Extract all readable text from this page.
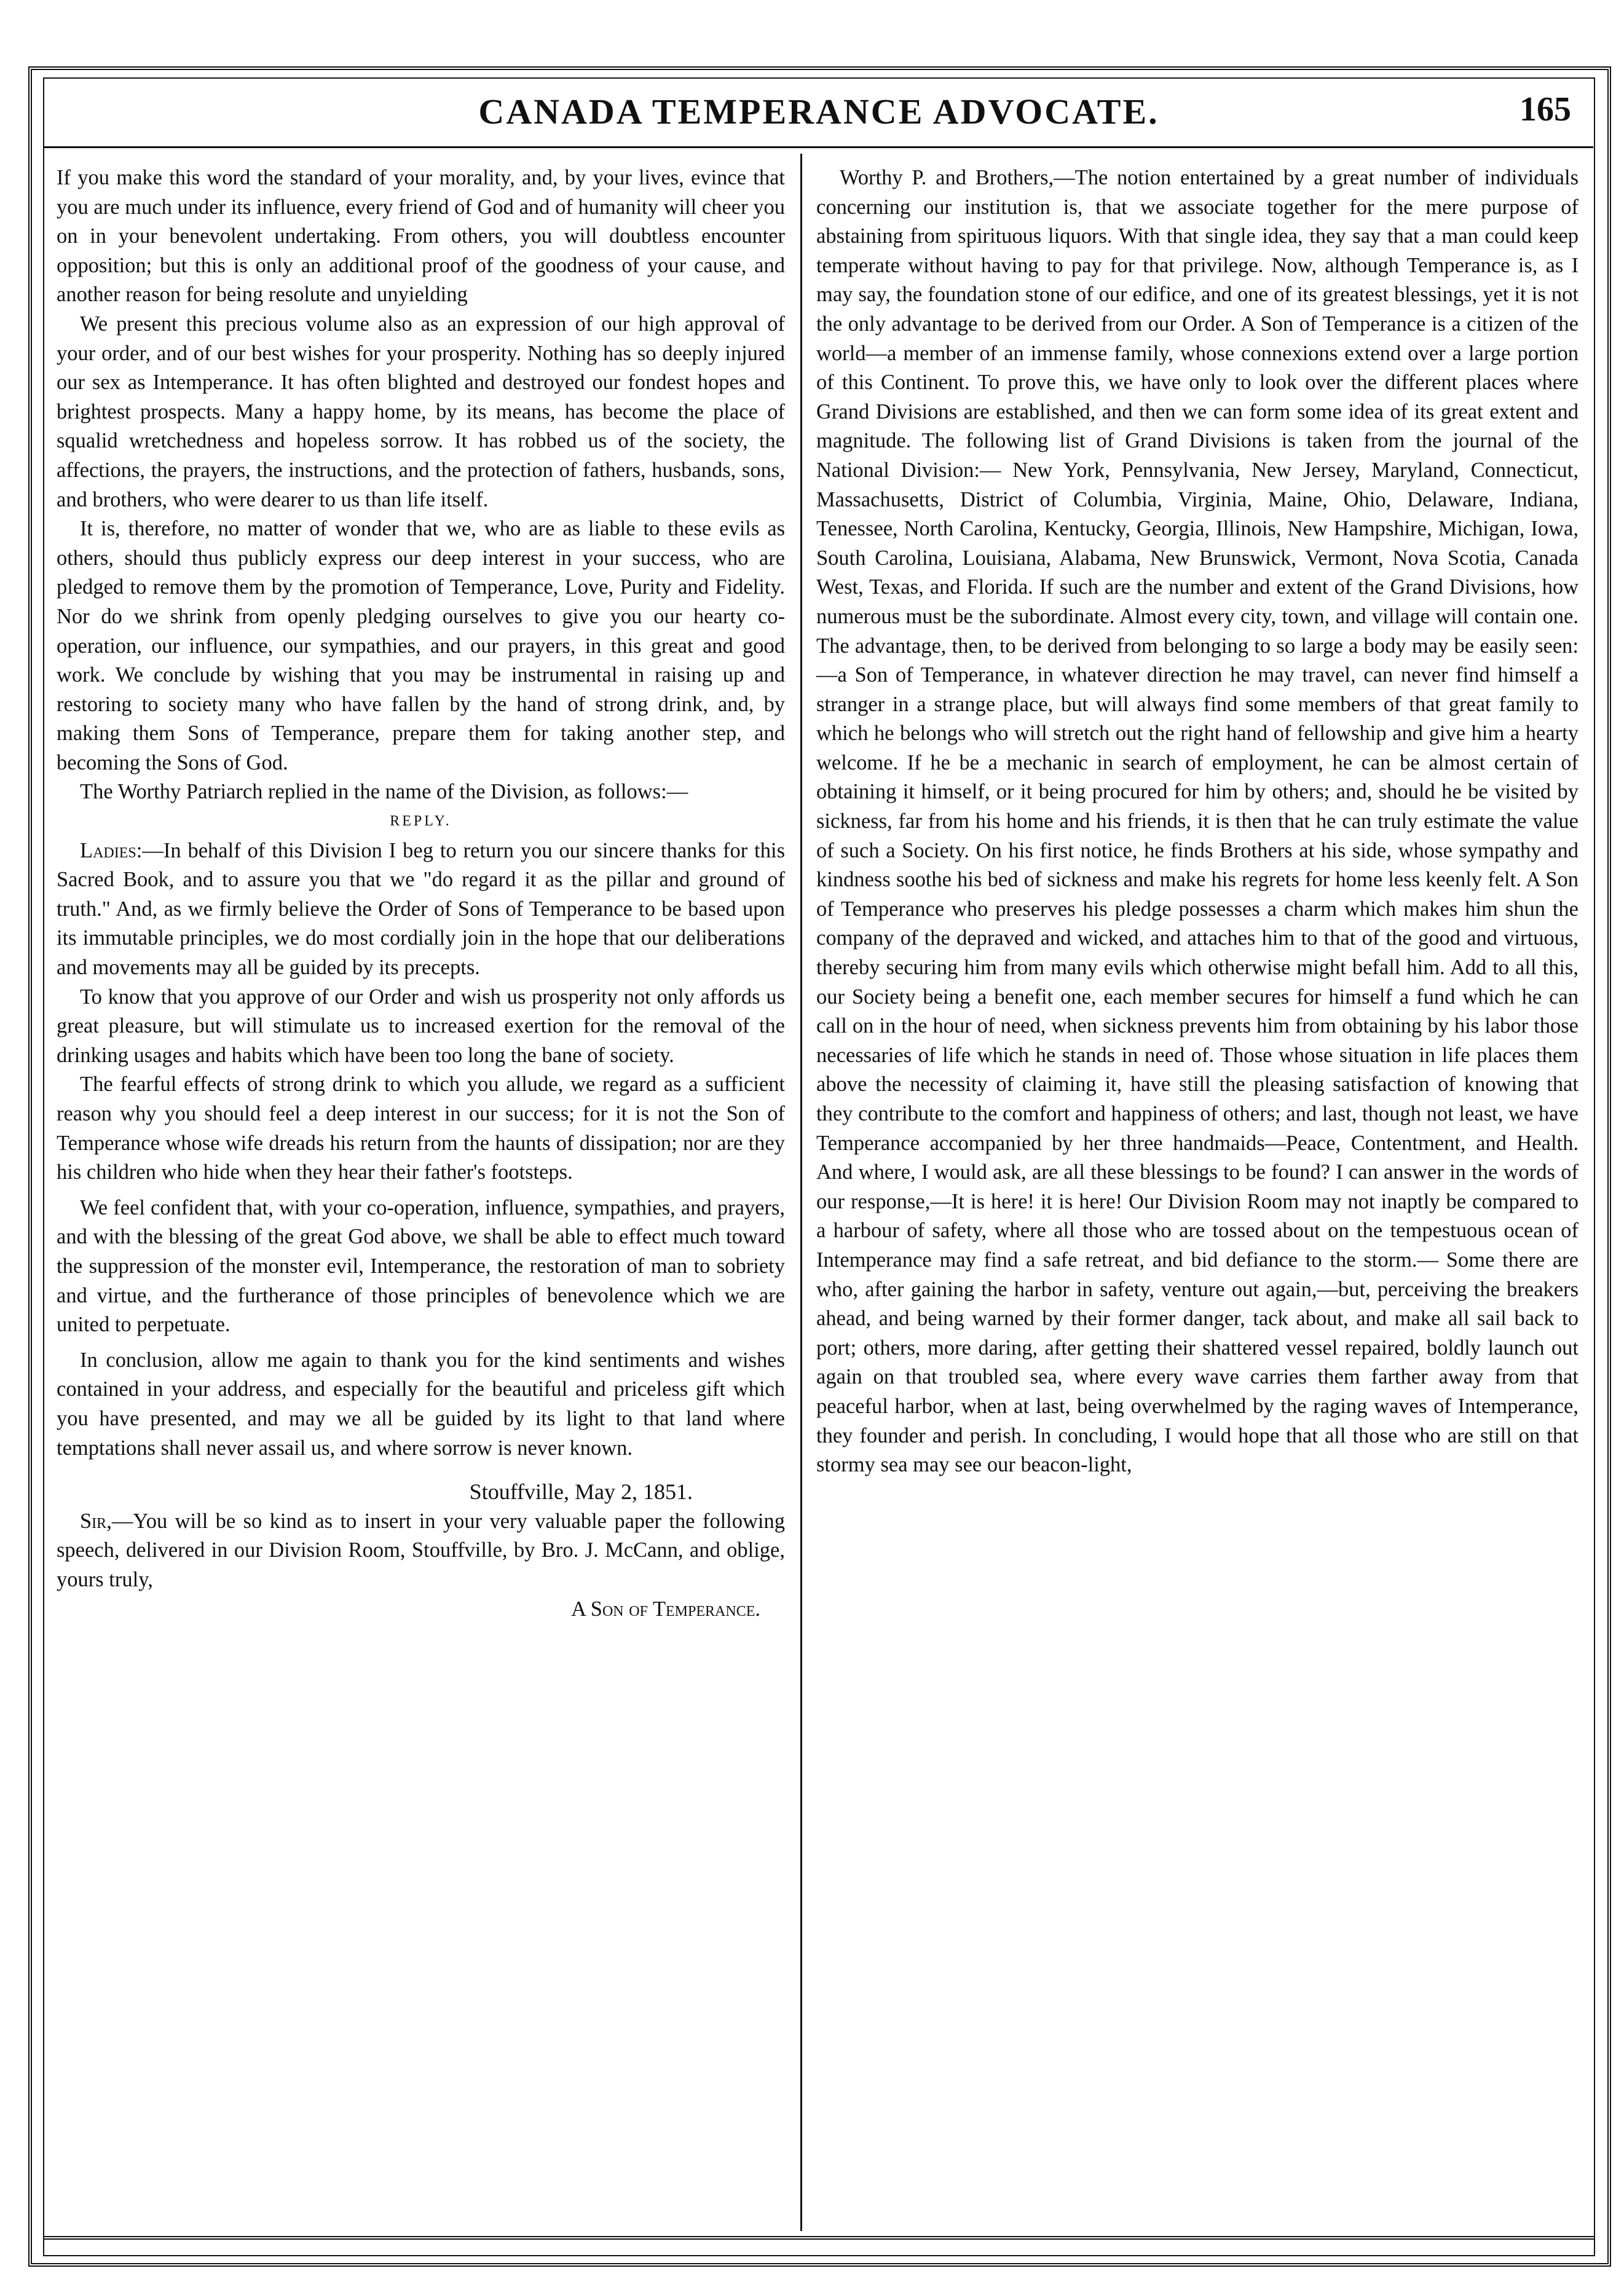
CANADA TEMPERANCE ADVOCATE.	165

If you make this word the standard of your morality, and, by your lives, evince that you are much under its influence, every friend of God and of humanity will cheer you on in your benevolent undertaking. From others, you will doubtless encounter opposition; but this is only an additional proof of the goodness of your cause, and another reason for being resolute and unyielding

We present this precious volume also as an expression of our high approval of your order, and of our best wishes for your prosperity. Nothing has so deeply injured our sex as Intemperance. It has often blighted and destroyed our fondest hopes and brightest prospects. Many a happy home, by its means, has become the place of squalid wretchedness and hopeless sorrow. It has robbed us of the society, the affections, the prayers, the instructions, and the protection of fathers, husbands, sons, and brothers, who were dearer to us than life itself.

It is, therefore, no matter of wonder that we, who are as liable to these evils as others, should thus publicly express our deep interest in your success, who are pledged to remove them by the promotion of Temperance, Love, Purity and Fidelity. Nor do we shrink from openly pledging ourselves to give you our hearty co-operation, our influence, our sympathies, and our prayers, in this great and good work. We conclude by wishing that you may be instrumental in raising up and restoring to society many who have fallen by the hand of strong drink, and, by making them Sons of Temperance, prepare them for taking another step, and becoming the Sons of God.

The Worthy Patriarch replied in the name of the Division, as follows:—

REPLY.

Ladies:—In behalf of this Division I beg to return you our sincere thanks for this Sacred Book, and to assure you that we "do regard it as the pillar and ground of truth." And, as we firmly believe the Order of Sons of Temperance to be based upon its immutable principles, we do most cordially join in the hope that our deliberations and movements may all be guided by its precepts.

To know that you approve of our Order and wish us prosperity not only affords us great pleasure, but will stimulate us to increased exertion for the removal of the drinking usages and habits which have been too long the bane of society.

The fearful effects of strong drink to which you allude, we regard as a sufficient reason why you should feel a deep interest in our success; for it is not the Son of Temperance whose wife dreads his return from the haunts of dissipation; nor are they his children who hide when they hear their father's footsteps.

We feel confident that, with your co-operation, influence, sympathies, and prayers, and with the blessing of the great God above, we shall be able to effect much toward the suppression of the monster evil, Intemperance, the restoration of man to sobriety and virtue, and the furtherance of those principles of benevolence which we are united to perpetuate.

In conclusion, allow me again to thank you for the kind sentiments and wishes contained in your address, and especially for the beautiful and priceless gift which you have presented, and may we all be guided by its light to that land where temptations shall never assail us, and where sorrow is never known.

Stouffville, May 2, 1851.

Sir,—You will be so kind as to insert in your very valuable paper the following speech, delivered in our Division Room, Stouffville, by Bro. J. McCann, and oblige, yours truly,

A Son of Temperance.

Worthy P. and Brothers,—The notion entertained by a great number of individuals concerning our institution is, that we associate together for the mere purpose of abstaining from spirituous liquors. With that single idea, they say that a man could keep temperate without having to pay for that privilege. Now, although Temperance is, as I may say, the foundation stone of our edifice, and one of its greatest blessings, yet it is not the only advantage to be derived from our Order. A Son of Temperance is a citizen of the world—a member of an immense family, whose connexions extend over a large portion of this Continent. To prove this, we have only to look over the different places where Grand Divisions are established, and then we can form some idea of its great extent and magnitude. The following list of Grand Divisions is taken from the journal of the National Division:— New York, Pennsylvania, New Jersey, Maryland, Connecticut, Massachusetts, District of Columbia, Virginia, Maine, Ohio, Delaware, Indiana, Tenessee, North Carolina, Kentucky, Georgia, Illinois, New Hampshire, Michigan, Iowa, South Carolina, Louisiana, Alabama, New Brunswick, Vermont, Nova Scotia, Canada West, Texas, and Florida. If such are the number and extent of the Grand Divisions, how numerous must be the subordinate. Almost every city, town, and village will contain one. The advantage, then, to be derived from belonging to so large a body may be easily seen:—a Son of Temperance, in whatever direction he may travel, can never find himself a stranger in a strange place, but will always find some members of that great family to which he belongs who will stretch out the right hand of fellowship and give him a hearty welcome. If he be a mechanic in search of employment, he can be almost certain of obtaining it himself, or it being procured for him by others; and, should he be visited by sickness, far from his home and his friends, it is then that he can truly estimate the value of such a Society. On his first notice, he finds Brothers at his side, whose sympathy and kindness soothe his bed of sickness and make his regrets for home less keenly felt. A Son of Temperance who preserves his pledge possesses a charm which makes him shun the company of the depraved and wicked, and attaches him to that of the good and virtuous, thereby securing him from many evils which otherwise might befall him. Add to all this, our Society being a benefit one, each member secures for himself a fund which he can call on in the hour of need, when sickness prevents him from obtaining by his labor those necessaries of life which he stands in need of. Those whose situation in life places them above the necessity of claiming it, have still the pleasing satisfaction of knowing that they contribute to the comfort and happiness of others; and last, though not least, we have Temperance accompanied by her three handmaids—Peace, Contentment, and Health. And where, I would ask, are all these blessings to be found? I can answer in the words of our response,—It is here! it is here! Our Division Room may not inaptly be compared to a harbour of safety, where all those who are tossed about on the tempestuous ocean of Intemperance may find a safe retreat, and bid defiance to the storm.— Some there are who, after gaining the harbor in safety, venture out again,—but, perceiving the breakers ahead, and being warned by their former danger, tack about, and make all sail back to port; others, more daring, after getting their shattered vessel repaired, boldly launch out again on that troubled sea, where every wave carries them farther away from that peaceful harbor, when at last, being overwhelmed by the raging waves of Intemperance, they founder and perish. In concluding, I would hope that all those who are still on that stormy sea may see our beacon-light,
